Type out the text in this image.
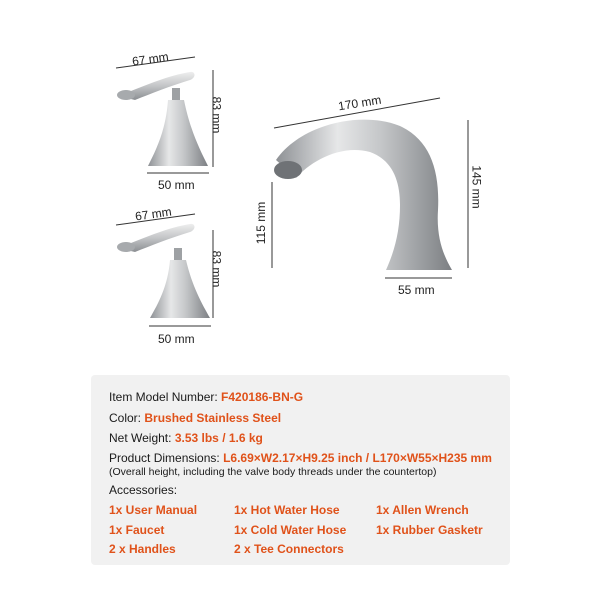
67 mm
83 mm
50 mm
67 mm
83 mm
50 mm
170 mm
145 mm
115 mm
55 mm
Item Model Number: F420186-BN-G
Color: Brushed Stainless Steel
Net Weight: 3.53 lbs / 1.6 kg
Product Dimensions: L6.69×W2.17×H9.25 inch / L170×W55×H235 mm
(Overall height, including the valve body threads under the countertop)
Accessories:
1x User Manual
1x Faucet
2 x Handles
1x Hot Water Hose
1x Cold Water Hose
2 x Tee Connectors
1x Allen Wrench
1x Rubber Gasketr
